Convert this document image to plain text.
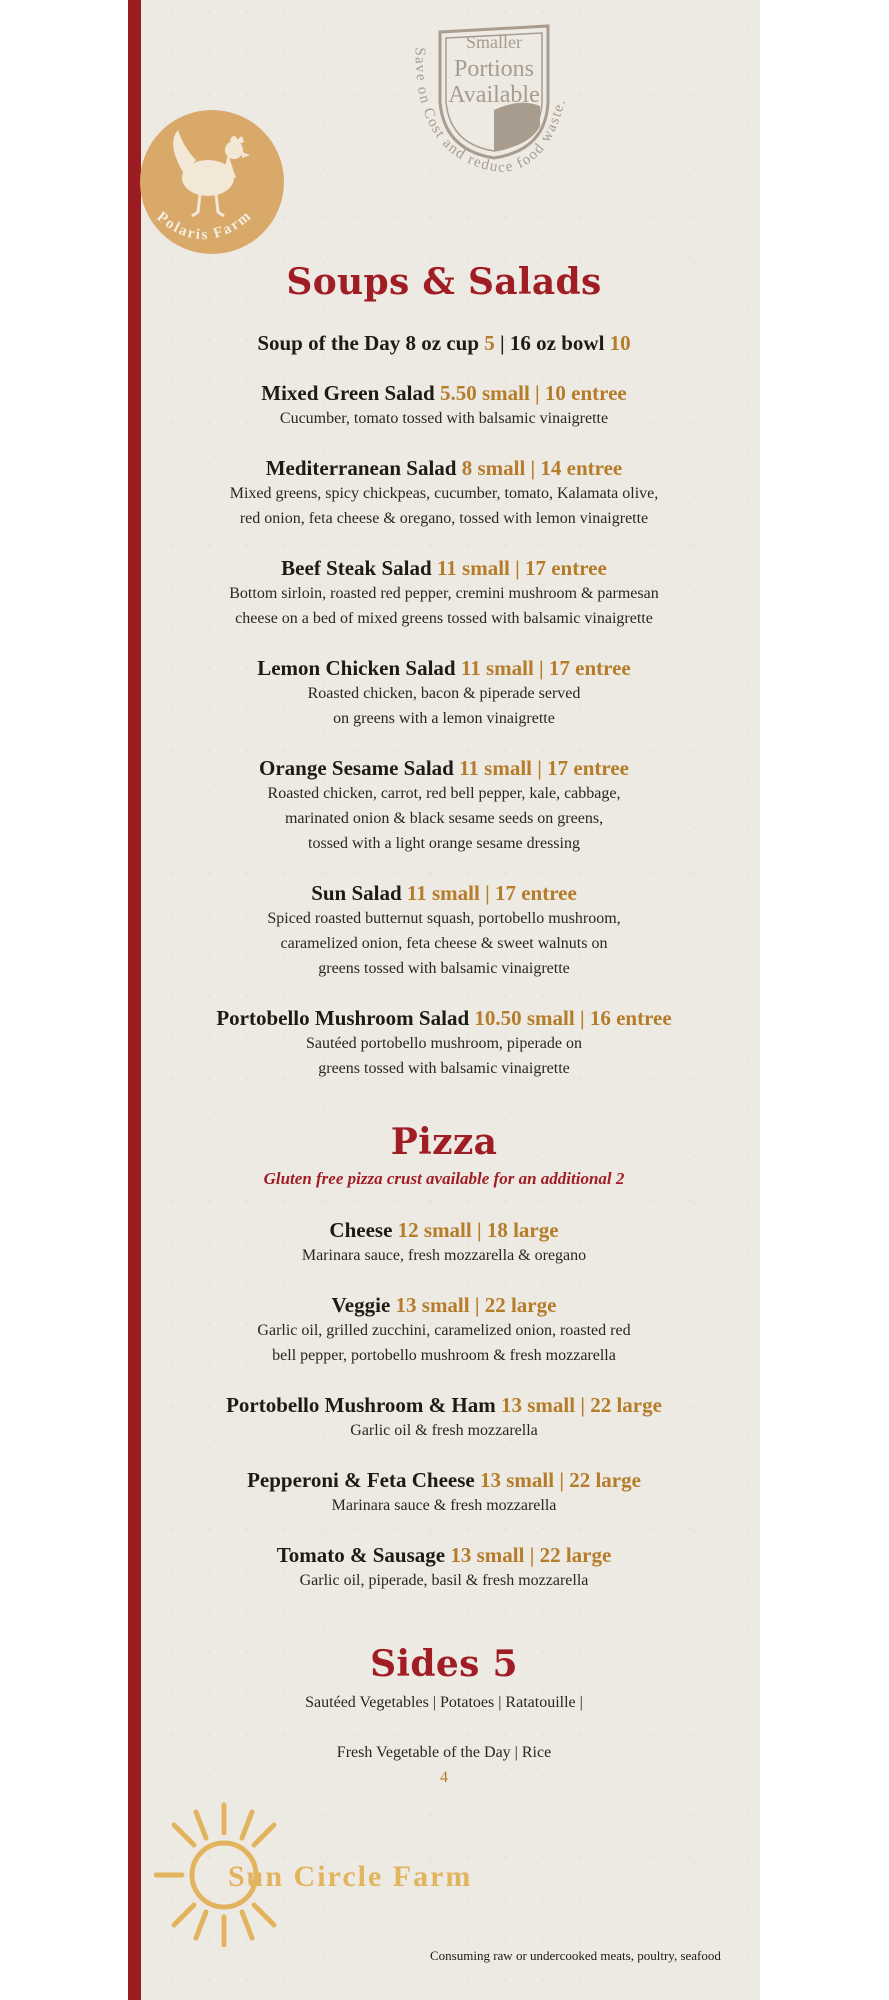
Polaris Farm
Save on Cost and reduce food waste.
Smaller
Portions
Available
Soups & Salads
Soup of the Day 8 oz cup 5 | 16 oz bowl 10
Mixed Green Salad 5.50 small | 10 entree
Cucumber, tomato tossed with balsamic vinaigrette
Mediterranean Salad 8 small | 14 entree
Mixed greens, spicy chickpeas, cucumber, tomato, Kalamata olive,
red onion, feta cheese & oregano, tossed with lemon vinaigrette
Beef Steak Salad 11 small | 17 entree
Bottom sirloin, roasted red pepper, cremini mushroom & parmesan
cheese on a bed of mixed greens tossed with balsamic vinaigrette
Lemon Chicken Salad 11 small | 17 entree
Roasted chicken, bacon & piperade served
on greens with a lemon vinaigrette
Orange Sesame Salad 11 small | 17 entree
Roasted chicken, carrot, red bell pepper, kale, cabbage,
marinated onion & black sesame seeds on greens,
tossed with a light orange sesame dressing
Sun Salad 11 small | 17 entree
Spiced roasted butternut squash, portobello mushroom,
caramelized onion, feta cheese & sweet walnuts on
greens tossed with balsamic vinaigrette
Portobello Mushroom Salad 10.50 small | 16 entree
Sautéed portobello mushroom, piperade on
greens tossed with balsamic vinaigrette
Pizza
Gluten free pizza crust available for an additional 2
Cheese 12 small | 18 large
Marinara sauce, fresh mozzarella & oregano
Veggie 13 small | 22 large
Garlic oil, grilled zucchini, caramelized onion, roasted red
bell pepper, portobello mushroom & fresh mozzarella
Portobello Mushroom & Ham 13 small | 22 large
Garlic oil & fresh mozzarella
Pepperoni & Feta Cheese 13 small | 22 large
Marinara sauce & fresh mozzarella
Tomato & Sausage 13 small | 22 large
Garlic oil, piperade, basil & fresh mozzarella
Sides 5
Sautéed Vegetables | Potatoes | Ratatouille |

Fresh Vegetable of the Day | Rice
4

Sun Circle Farm
Consuming raw or undercooked meats, poultry, seafood
